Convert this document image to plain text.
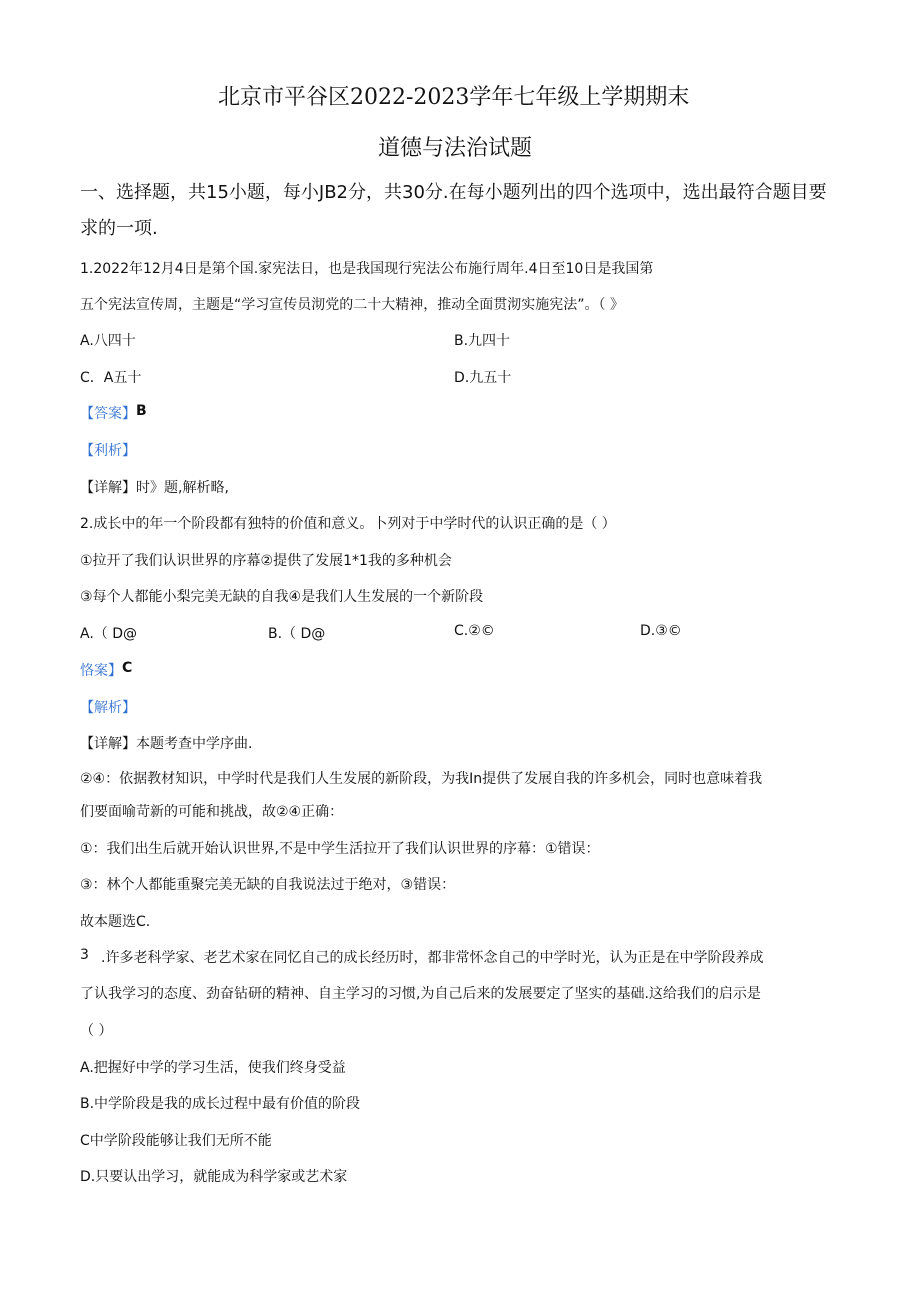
北京市平谷区2022-2023学年七年级上学期期末
道德与法治试题
一、选择题，共15小题，每小JB2分，共30分.在每小题列出的四个选项中，选出最符合题目要
求的一项.
1.2022年12月4日是第个国.家宪法日，也是我国现行宪法公布施行周年.4日至10日是我国第
五个宪法宣传周，主题是“学习宣传员沏党的二十大精神，推动全面贯沏实施宪法”。（ 》
A.八四十	B.九四十
C．A五十	D.九五十
【答案】 B
【利析】
【详解】时》题,解析略,
2.成长中的年一个阶段都有独特的价值和意义。卜列对于中学时代的认识正确的是（ ）
①拉开了我们认识世界的序幕②提供了发展1*1我的多种机会
③每个人都能小梨完美无缺的自我④是我们人生发展的一个新阶段
A.（ D@	B.（ D@	C.②©	D.③©
恪案】 C
【解析】
【详解】本题考查中学序曲.
②④：依据教材知识，中学时代是我们人生发展的新阶段，为我In提供了发展自我的许多机会，同时也意味着我
们要面喻苛新的可能和挑战，故②④正确：
①：我们出生后就开始认识世界,不是中学生活拉开了我们认识世界的序幕：①错误：
③：林个人都能重聚完美无缺的自我说法过于绝对，③错误：
故本题选C.
3 .许多老科学家、老艺术家在同忆自己的成长经历时，都非常怀念自己的中学时光，认为正是在中学阶段养成
了认我学习的态度、劲奋钻研的精神、自主学习的习惯,为自己后来的发展要定了坚实的基础.这给我们的启示是
（ ）
A.把握好中学的学习生活，使我们终身受益
B.中学阶段是我的成长过程中最有价值的阶段
C中学阶段能够让我们无所不能
D.只要认出学习，就能成为科学家或艺术家
